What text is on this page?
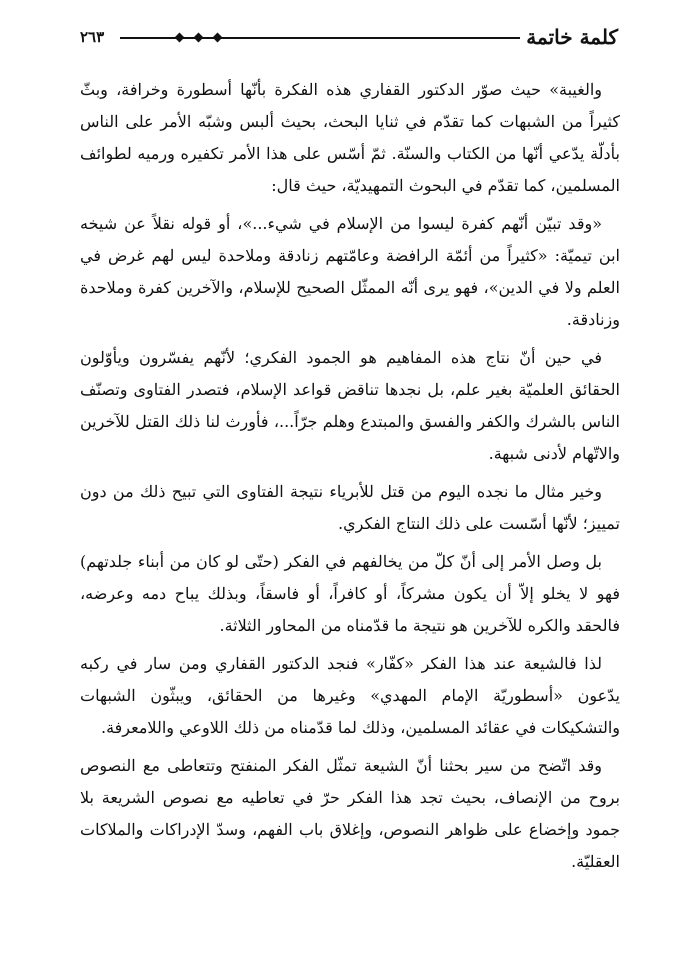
كلمة خاتمة
٢٦٣

والغيبة» حيث صوّر الدكتور القفاري هذه الفكرة بأنّها أسطورة وخرافة، وبثّ كثيراً من الشبهات كما تقدّم في ثنايا البحث، بحيث ألبس وشبّه الأمر على الناس بأدلّة يدّعي أنّها من الكتاب والسنّة. ثمّ أسّس على هذا الأمر تكفيره ورميه لطوائف المسلمين، كما تقدّم في البحوث التمهيديّة، حيث قال:

«وقد تبيّن أنّهم كفرة ليسوا من الإسلام في شيء...»، أو قوله نقلاً عن شيخه ابن تيميّة: «كثيراً من أئمّة الرافضة وعامّتهم زنادقة وملاحدة ليس لهم غرض في العلم ولا في الدين»، فهو يرى أنّه الممثّل الصحيح للإسلام، والآخرين كفرة وملاحدة وزنادقة.

في حين أنّ نتاج هذه المفاهيم هو الجمود الفكري؛ لأنّهم يفسّرون ويأوّلون الحقائق العلميّة بغير علم، بل نجدها تناقض قواعد الإسلام، فتصدر الفتاوى وتصنّف الناس بالشرك والكفر والفسق والمبتدع وهلم جرّاً...، فأورث لنا ذلك القتل للآخرين والاتّهام لأدنى شبهة.

وخير مثال ما نجده اليوم من قتل للأبرياء نتيجة الفتاوى التي تبيح ذلك من دون تمييز؛ لأنّها أسّست على ذلك النتاج الفكري.

بل وصل الأمر إلى أنّ كلّ من يخالفهم في الفكر (حتّى لو كان من أبناء جلدتهم) فهو لا يخلو إلاّ أن يكون مشركاً، أو كافراً، أو فاسقاً، وبذلك يباح دمه وعرضه، فالحقد والكره للآخرين هو نتيجة ما قدّمناه من المحاور الثلاثة.

لذا فالشيعة عند هذا الفكر «كفّار» فنجد الدكتور القفاري ومن سار في ركبه يدّعون «أسطوريّة الإمام المهدي» وغيرها من الحقائق، ويبثّون الشبهات والتشكيكات في عقائد المسلمين، وذلك لما قدّمناه من ذلك اللاوعي واللامعرفة.

وقد اتّضح من سير بحثنا أنّ الشيعة تمثّل الفكر المنفتح وتتعاطى مع النصوص بروح من الإنصاف، بحيث تجد هذا الفكر حرّ في تعاطيه مع نصوص الشريعة بلا جمود وإخضاع على ظواهر النصوص، وإغلاق باب الفهم، وسدّ الإدراكات والملاكات العقليّة.
